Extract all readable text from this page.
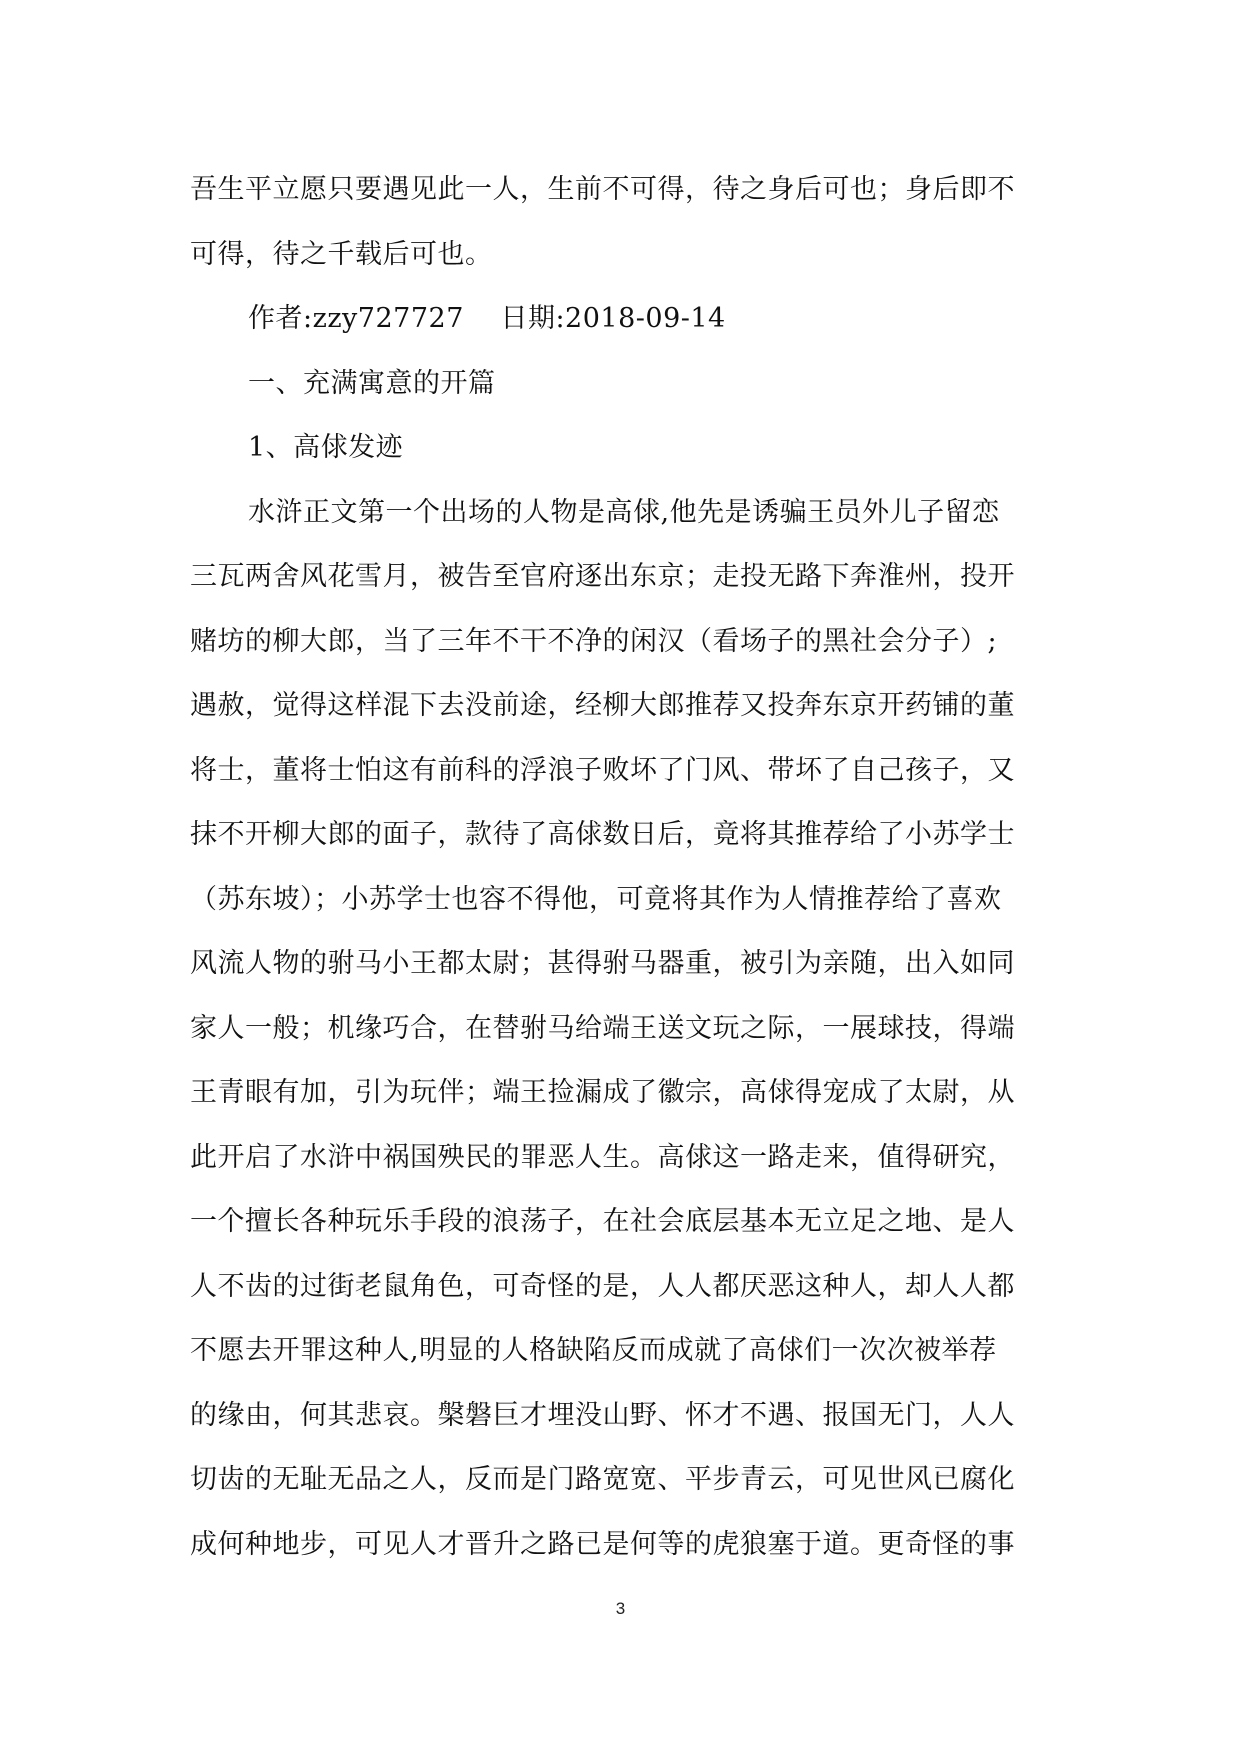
吾生平立愿只要遇见此一人，生前不可得，待之身后可也；身后即不
可得，待之千载后可也。
作者:zzy727727　 日期:2018-09-14
一、充满寓意的开篇
1、高俅发迹
水浒正文第一个出场的人物是高俅,他先是诱骗王员外儿子留恋
三瓦两舍风花雪月，被告至官府逐出东京；走投无路下奔淮州，投开
赌坊的柳大郎，当了三年不干不净的闲汉（看场子的黑社会分子）;
遇赦，觉得这样混下去没前途，经柳大郎推荐又投奔东京开药铺的董
将士，董将士怕这有前科的浮浪子败坏了门风、带坏了自己孩子，又
抹不开柳大郎的面子，款待了高俅数日后，竟将其推荐给了小苏学士
（苏东坡）；小苏学士也容不得他，可竟将其作为人情推荐给了喜欢
风流人物的驸马小王都太尉；甚得驸马器重，被引为亲随，出入如同
家人一般；机缘巧合，在替驸马给端王送文玩之际，一展球技，得端
王青眼有加，引为玩伴；端王捡漏成了徽宗，高俅得宠成了太尉，从
此开启了水浒中祸国殃民的罪恶人生。高俅这一路走来，值得研究，
一个擅长各种玩乐手段的浪荡子，在社会底层基本无立足之地、是人
人不齿的过街老鼠角色，可奇怪的是，人人都厌恶这种人，却人人都
不愿去开罪这种人,明显的人格缺陷反而成就了高俅们一次次被举荐
的缘由，何其悲哀。槃磐巨才埋没山野、怀才不遇、报国无门，人人
切齿的无耻无品之人，反而是门路宽宽、平步青云，可见世风已腐化
成何种地步，可见人才晋升之路已是何等的虎狼塞于道。更奇怪的事
3
